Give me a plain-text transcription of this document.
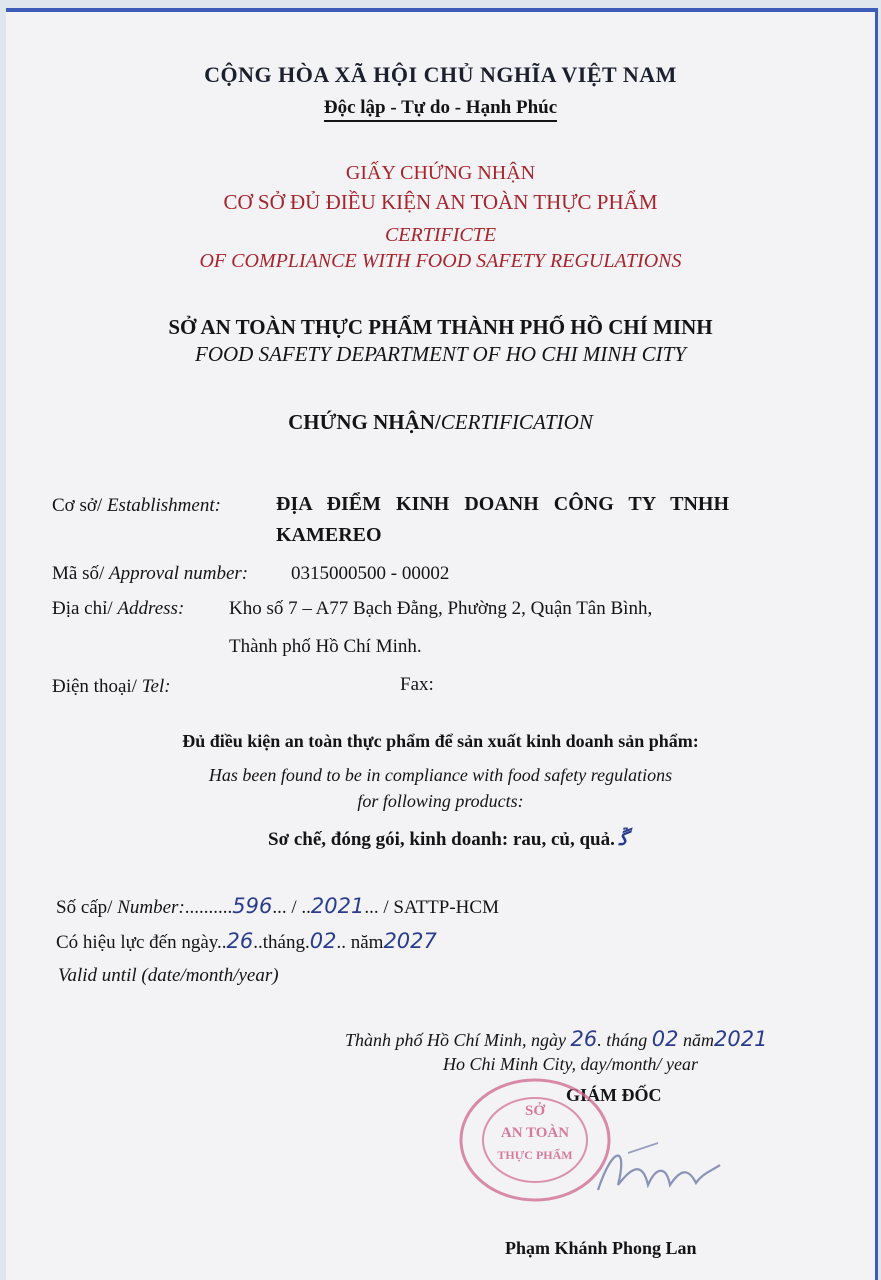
CỘNG HÒA XÃ HỘI CHỦ NGHĨA VIỆT NAM
Độc lập - Tự do - Hạnh Phúc
GIẤY CHỨNG NHẬN
CƠ SỞ ĐỦ ĐIỀU KIỆN AN TOÀN THỰC PHẨM
CERTIFICTE
OF COMPLIANCE WITH FOOD SAFETY REGULATIONS
SỞ AN TOÀN THỰC PHẨM THÀNH PHỐ HỒ CHÍ MINH
FOOD SAFETY DEPARTMENT OF HO CHI MINH CITY
CHỨNG NHẬN/CERTIFICATION
Cơ sở/ Establishment:	ĐỊA   ĐIỂM   KINH   DOANH   CÔNG   TY   TNHH
KAMEREO
Mã số/ Approval number: 0315000500 - 00002
Địa chỉ/ Address: Kho số 7 – A77 Bạch Đằng, Phường 2, Quận Tân Bình,
Thành phố Hồ Chí Minh.
Điện thoại/ Tel:	Fax:
Đủ điều kiện an toàn thực phẩm để sản xuất kinh doanh sản phẩm:
Has been found to be in compliance with food safety regulations
for following products:
Sơ chế, đóng gói, kinh doanh: rau, củ, quả. ﮜ
Số cấp/ Number:..........596... / ..2021... / SATTP-HCM
Có hiệu lực đến ngày..26..tháng.02.. năm2027
Valid until (date/month/year)
Thành phố Hồ Chí Minh, ngày 26. tháng 02 năm2021
Ho Chi Minh City, day/month/ year
GIÁM ĐỐC
SỞ
AN TOÀN
THỰC PHẨM
Phạm Khánh Phong Lan
